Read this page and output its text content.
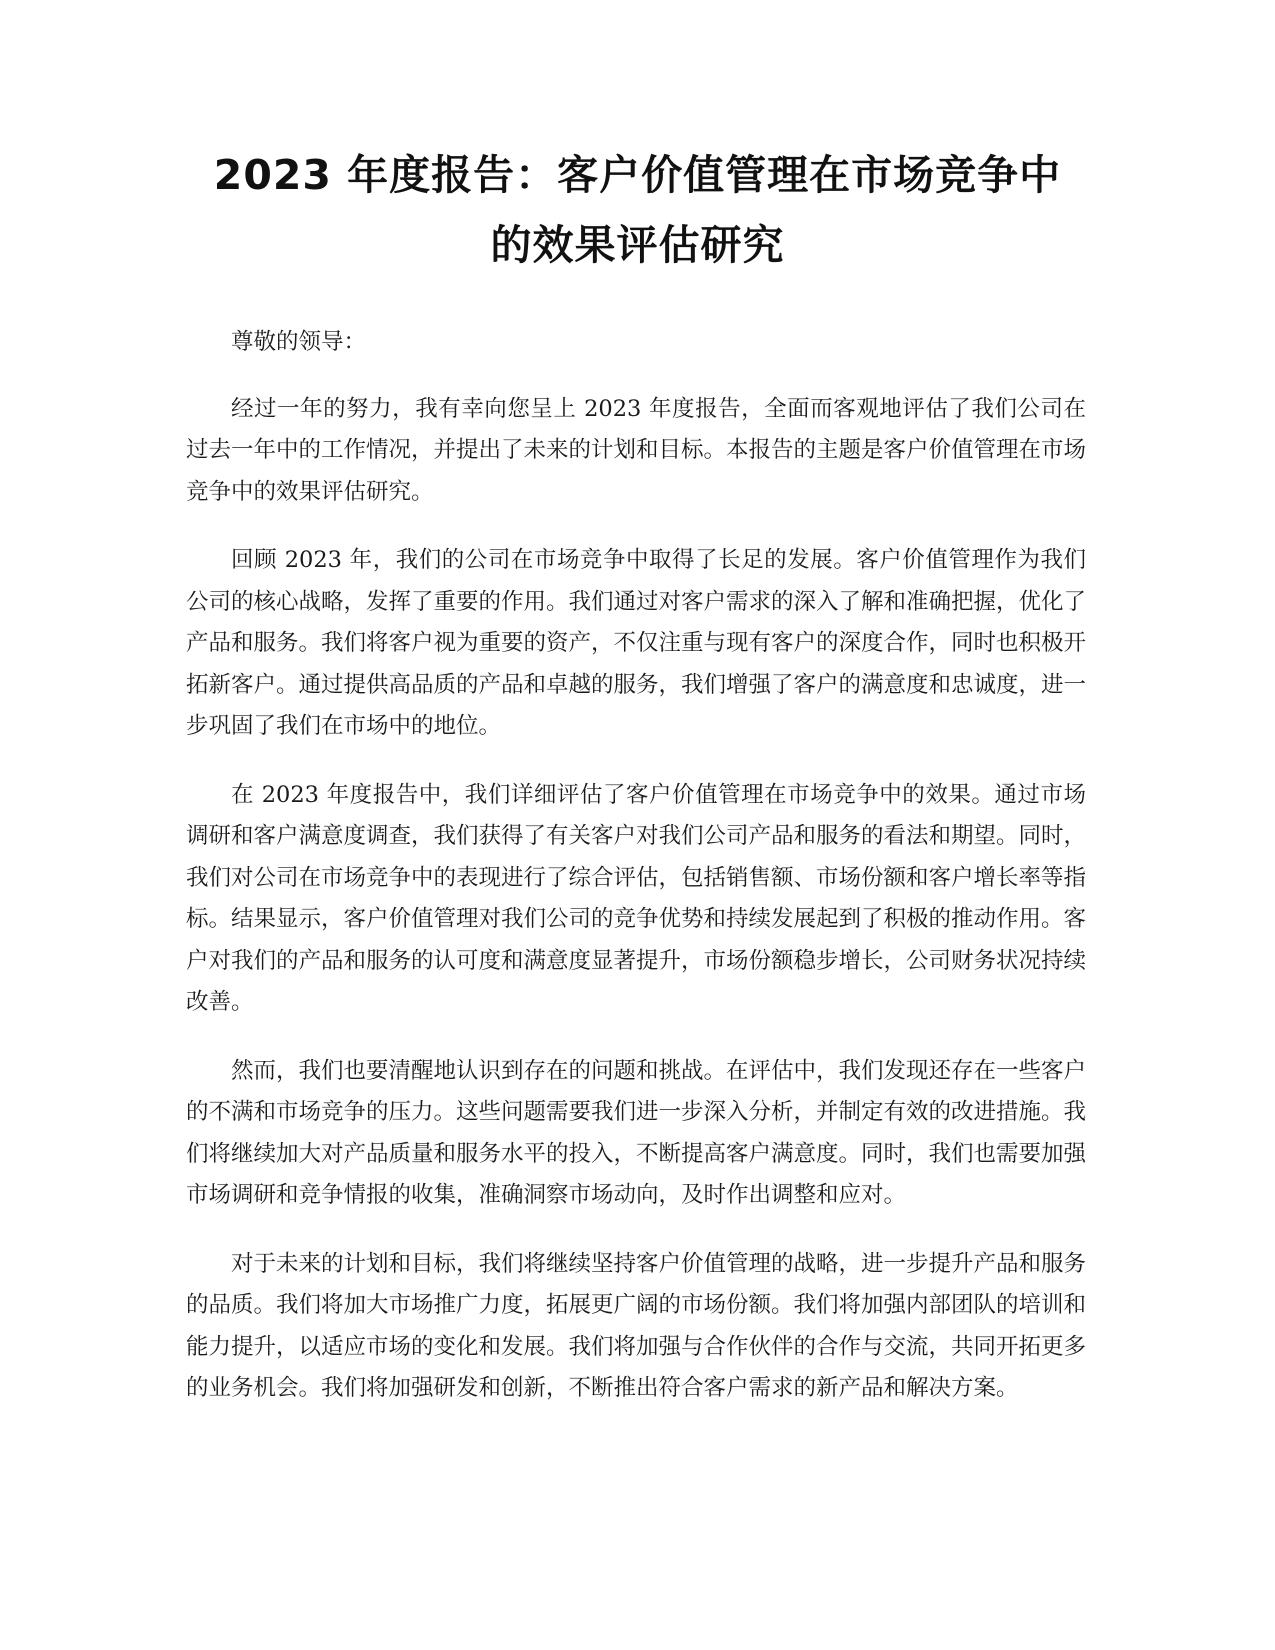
2023 年度报告：客户价值管理在市场竞争中
的效果评估研究

尊敬的领导：

经过一年的努力，我有幸向您呈上 2023 年度报告，全面而客观地评估了我们公司在过去一年中的工作情况，并提出了未来的计划和目标。本报告的主题是客户价值管理在市场竞争中的效果评估研究。

回顾 2023 年，我们的公司在市场竞争中取得了长足的发展。客户价值管理作为我们公司的核心战略，发挥了重要的作用。我们通过对客户需求的深入了解和准确把握，优化了产品和服务。我们将客户视为重要的资产，不仅注重与现有客户的深度合作，同时也积极开拓新客户。通过提供高品质的产品和卓越的服务，我们增强了客户的满意度和忠诚度，进一步巩固了我们在市场中的地位。

在 2023 年度报告中，我们详细评估了客户价值管理在市场竞争中的效果。通过市场调研和客户满意度调查，我们获得了有关客户对我们公司产品和服务的看法和期望。同时，我们对公司在市场竞争中的表现进行了综合评估，包括销售额、市场份额和客户增长率等指标。结果显示，客户价值管理对我们公司的竞争优势和持续发展起到了积极的推动作用。客户对我们的产品和服务的认可度和满意度显著提升，市场份额稳步增长，公司财务状况持续改善。

然而，我们也要清醒地认识到存在的问题和挑战。在评估中，我们发现还存在一些客户的不满和市场竞争的压力。这些问题需要我们进一步深入分析，并制定有效的改进措施。我们将继续加大对产品质量和服务水平的投入，不断提高客户满意度。同时，我们也需要加强市场调研和竞争情报的收集，准确洞察市场动向，及时作出调整和应对。

对于未来的计划和目标，我们将继续坚持客户价值管理的战略，进一步提升产品和服务的品质。我们将加大市场推广力度，拓展更广阔的市场份额。我们将加强内部团队的培训和能力提升，以适应市场的变化和发展。我们将加强与合作伙伴的合作与交流，共同开拓更多的业务机会。我们将加强研发和创新，不断推出符合客户需求的新产品和解决方案。
